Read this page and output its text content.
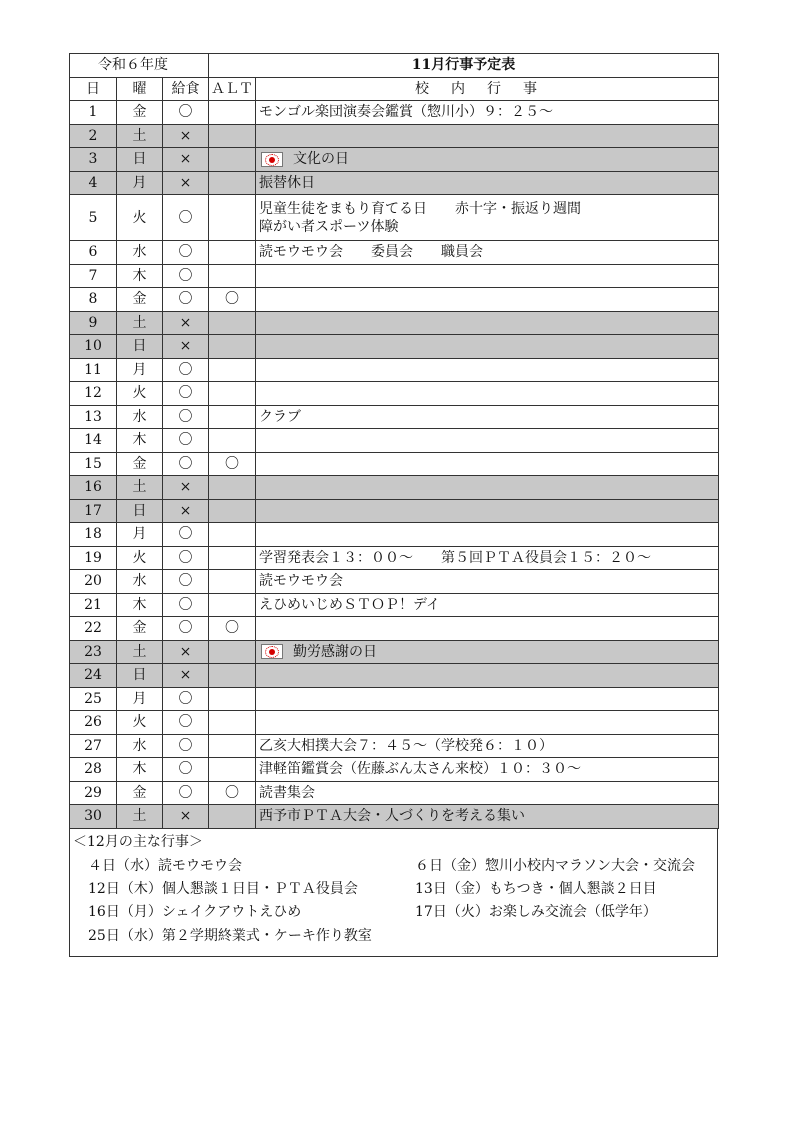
令和６年度			11月行事予定表	
日	曜	給食	ＡＬＴ	校内行事
1	金	〇		モンゴル楽団演奏会鑑賞（惣川小）９：２５～
2	土	×		
3	日	×		文化の日
4	月	×		振替休日
5	火	〇		児童生徒をまもり育てる日　　赤十字・振返り週間
障がい者スポーツ体験

6	水	〇		読モウモウ会　　委員会　　職員会
7	木	〇		
8	金	〇	〇	
9	土	×		
10	日	×		
11	月	〇		
12	火	〇		
13	水	〇		クラブ
14	木	〇		
15	金	〇	〇	
16	土	×		
17	日	×		
18	月	〇		
19	火	〇		学習発表会１３：００～　　第５回ＰＴＡ役員会１５：２０～
20	水	〇		読モウモウ会
21	木	〇		えひめいじめＳＴＯＰ！デイ
22	金	〇	〇	
23	土	×		勤労感謝の日
24	日	×		
25	月	〇		
26	火	〇		
27	水	〇		乙亥大相撲大会７：４５～（学校発６：１０）
28	木	〇		津軽笛鑑賞会（佐藤ぶん太さん来校）１０：３０～
29	金	〇	〇	読書集会
30	土	×		西予市ＰＴＡ大会・人づくりを考える集い
＜12月の主な行事＞
４日（水）読モウモウ会	６日（金）惣川小校内マラソン大会・交流会
12日（木）個人懇談１日目・ＰＴＡ役員会	13日（金）もちつき・個人懇談２日目
16日（月）シェイクアウトえひめ	17日（火）お楽しみ交流会（低学年）
25日（水）第２学期終業式・ケーキ作り教室
